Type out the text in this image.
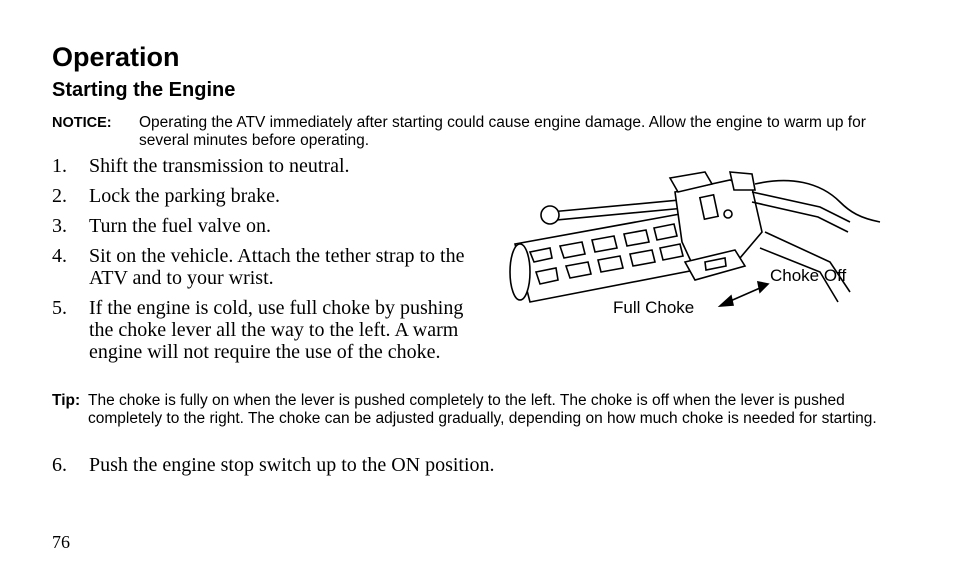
Operation
Starting the Engine
NOTICE: Operating the ATV immediately after starting could cause engine damage. Allow the engine to warm up for several minutes before operating.
1. Shift the transmission to neutral.
2. Lock the parking brake.
3. Turn the fuel valve on.
4. Sit on the vehicle. Attach the tether strap to the ATV and to your wrist.
5. If the engine is cold, use full choke by pushing the choke lever all the way to the left. A warm engine will not require the use of the choke.
Choke Off
Full Choke
Tip: The choke is fully on when the lever is pushed completely to the left. The choke is off when the lever is pushed completely to the right. The choke can be adjusted gradually, depending on how much choke is needed for starting.
6. Push the engine stop switch up to the ON position.
76
